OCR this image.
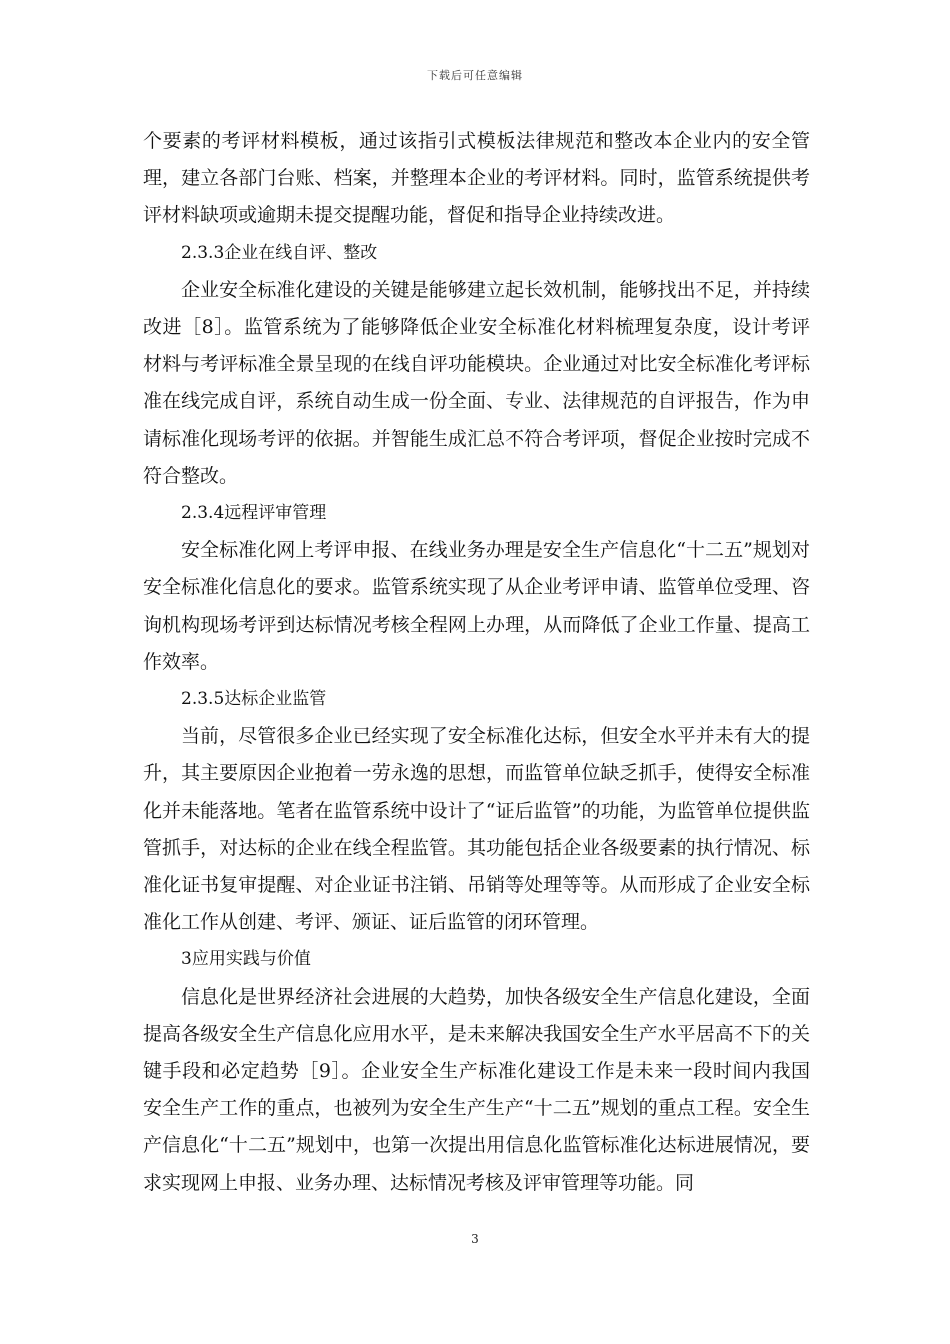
下载后可任意编辑

个要素的考评材料模板，通过该指引式模板法律规范和整改本企业内的安全管理，建立各部门台账、档案，并整理本企业的考评材料。同时，监管系统提供考评材料缺项或逾期未提交提醒功能，督促和指导企业持续改进。

2.3.3企业在线自评、整改

企业安全标准化建设的关键是能够建立起长效机制，能够找出不足，并持续改进［8］。监管系统为了能够降低企业安全标准化材料梳理复杂度，设计考评材料与考评标准全景呈现的在线自评功能模块。企业通过对比安全标准化考评标准在线完成自评，系统自动生成一份全面、专业、法律规范的自评报告，作为申请标准化现场考评的依据。并智能生成汇总不符合考评项，督促企业按时完成不符合整改。

2.3.4远程评审管理

安全标准化网上考评申报、在线业务办理是安全生产信息化“十二五”规划对安全标准化信息化的要求。监管系统实现了从企业考评申请、监管单位受理、咨询机构现场考评到达标情况考核全程网上办理，从而降低了企业工作量、提高工作效率。

2.3.5达标企业监管

当前，尽管很多企业已经实现了安全标准化达标，但安全水平并未有大的提升，其主要原因企业抱着一劳永逸的思想，而监管单位缺乏抓手，使得安全标准化并未能落地。笔者在监管系统中设计了“证后监管”的功能，为监管单位提供监管抓手，对达标的企业在线全程监管。其功能包括企业各级要素的执行情况、标准化证书复审提醒、对企业证书注销、吊销等处理等等。从而形成了企业安全标准化工作从创建、考评、颁证、证后监管的闭环管理。

3应用实践与价值

信息化是世界经济社会进展的大趋势，加快各级安全生产信息化建设，全面提高各级安全生产信息化应用水平，是未来解决我国安全生产水平居高不下的关键手段和必定趋势［9］。企业安全生产标准化建设工作是未来一段时间内我国安全生产工作的重点，也被列为安全生产生产“十二五”规划的重点工程。安全生产信息化“十二五”规划中，也第一次提出用信息化监管标准化达标进展情况，要求实现网上申报、业务办理、达标情况考核及评审管理等功能。同

3
